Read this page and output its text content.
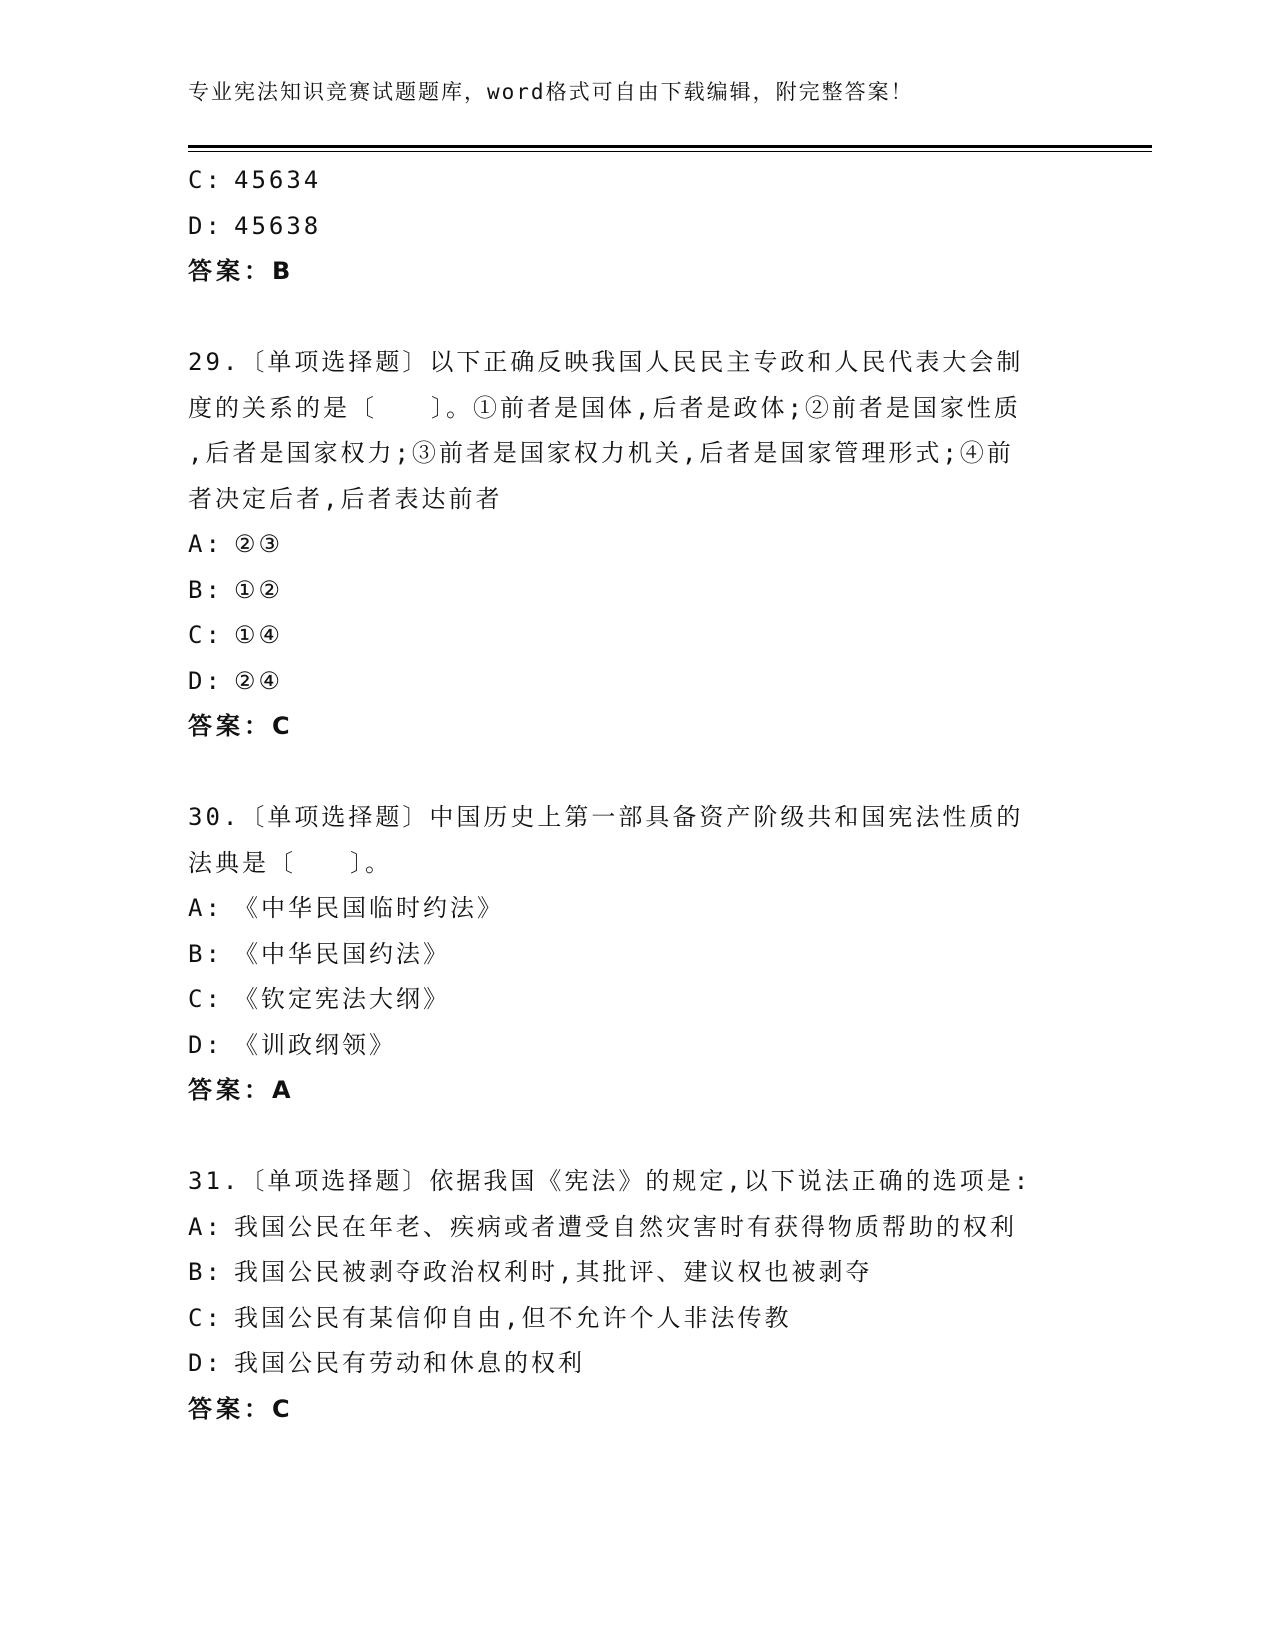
专业宪法知识竞赛试题题库，word格式可自由下载编辑，附完整答案！
C: 45634
D: 45638
答案：B
29.〔单项选择题〕以下正确反映我国人民民主专政和人民代表大会制
度的关系的是〔　　〕。①前者是国体,后者是政体;②前者是国家性质
,后者是国家权力;③前者是国家权力机关,后者是国家管理形式;④前
者决定后者,后者表达前者
A: ②③
B: ①②
C: ①④
D: ②④
答案：C
30.〔单项选择题〕中国历史上第一部具备资产阶级共和国宪法性质的
法典是〔　　〕。
A: 《中华民国临时约法》
B: 《中华民国约法》
C: 《钦定宪法大纲》
D: 《训政纲领》
答案：A
31.〔单项选择题〕依据我国《宪法》的规定,以下说法正确的选项是:
A: 我国公民在年老、疾病或者遭受自然灾害时有获得物质帮助的权利
B: 我国公民被剥夺政治权利时,其批评、建议权也被剥夺
C: 我国公民有某信仰自由,但不允许个人非法传教
D: 我国公民有劳动和休息的权利
答案：C
